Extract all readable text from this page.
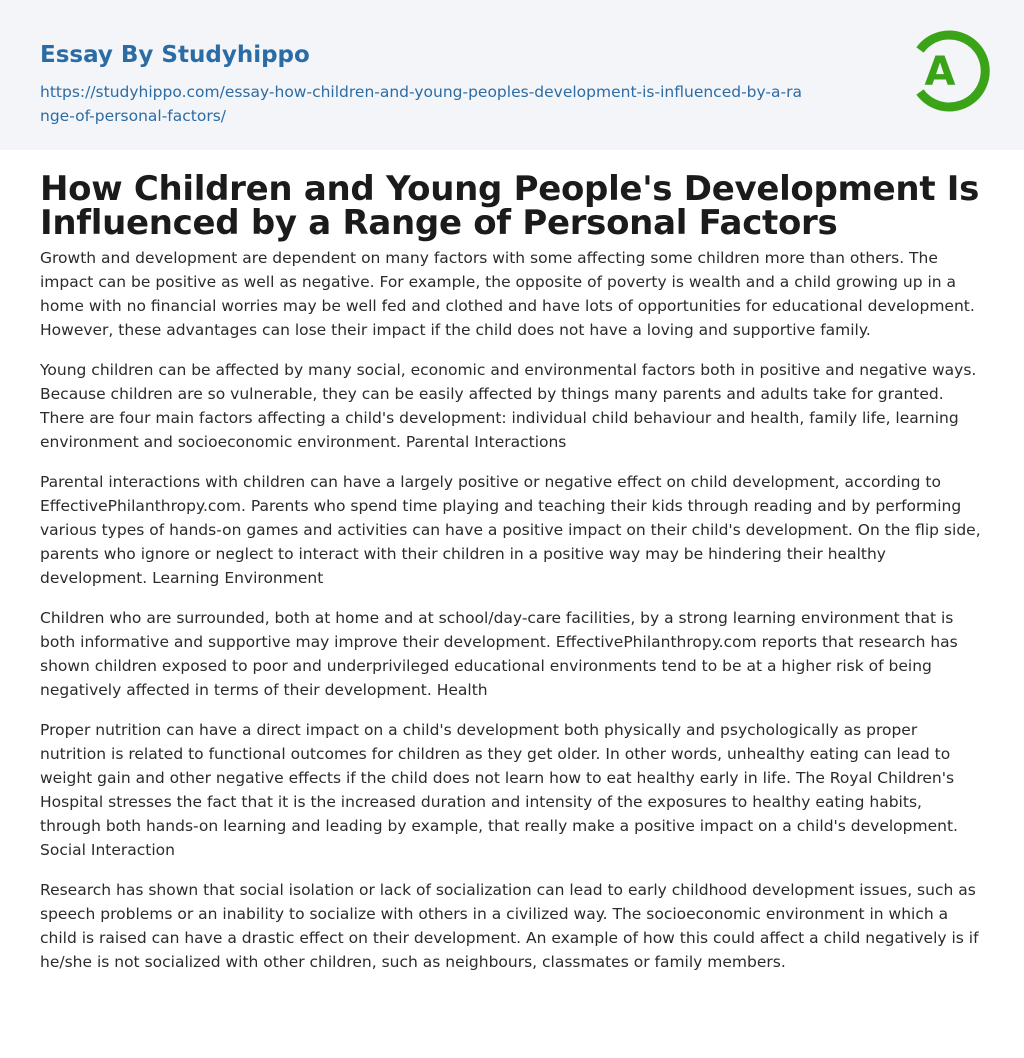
Essay By Studyhippo
https://studyhippo.com/essay-how-children-and-young-peoples-development-is-influenced-by-a-range-of-personal-factors/
A
How Children and Young People's Development Is Influenced by a Range of Personal Factors

Growth and development are dependent on many factors with some affecting some children more than others. The impact can be positive as well as negative. For example, the opposite of poverty is wealth and a child growing up in a home with no financial worries may be well fed and clothed and have lots of opportunities for educational development. However, these advantages can lose their impact if the child does not have a loving and supportive family.

Young children can be affected by many social, economic and environmental factors both in positive and negative ways. Because children are so vulnerable, they can be easily affected by things many parents and adults take for granted. There are four main factors affecting a child's development: individual child behaviour and health, family life, learning environment and socioeconomic environment. Parental Interactions

Parental interactions with children can have a largely positive or negative effect on child development, according to EffectivePhilanthropy.com. Parents who spend time playing and teaching their kids through reading and by performing various types of hands-on games and activities can have a positive impact on their child's development. On the flip side, parents who ignore or neglect to interact with their children in a positive way may be hindering their healthy development. Learning Environment

Children who are surrounded, both at home and at school/day-care facilities, by a strong learning environment that is both informative and supportive may improve their development. EffectivePhilanthropy.com reports that research has shown children exposed to poor and underprivileged educational environments tend to be at a higher risk of being negatively affected in terms of their development. Health

Proper nutrition can have a direct impact on a child's development both physically and psychologically as proper nutrition is related to functional outcomes for children as they get older. In other words, unhealthy eating can lead to weight gain and other negative effects if the child does not learn how to eat healthy early in life. The Royal Children's Hospital stresses the fact that it is the increased duration and intensity of the exposures to healthy eating habits, through both hands-on learning and leading by example, that really make a positive impact on a child's development. Social Interaction

Research has shown that social isolation or lack of socialization can lead to early childhood development issues, such as speech problems or an inability to socialize with others in a civilized way. The socioeconomic environment in which a child is raised can have a drastic effect on their development. An example of how this could affect a child negatively is if he/she is not socialized with other children, such as neighbours, classmates or family members.
